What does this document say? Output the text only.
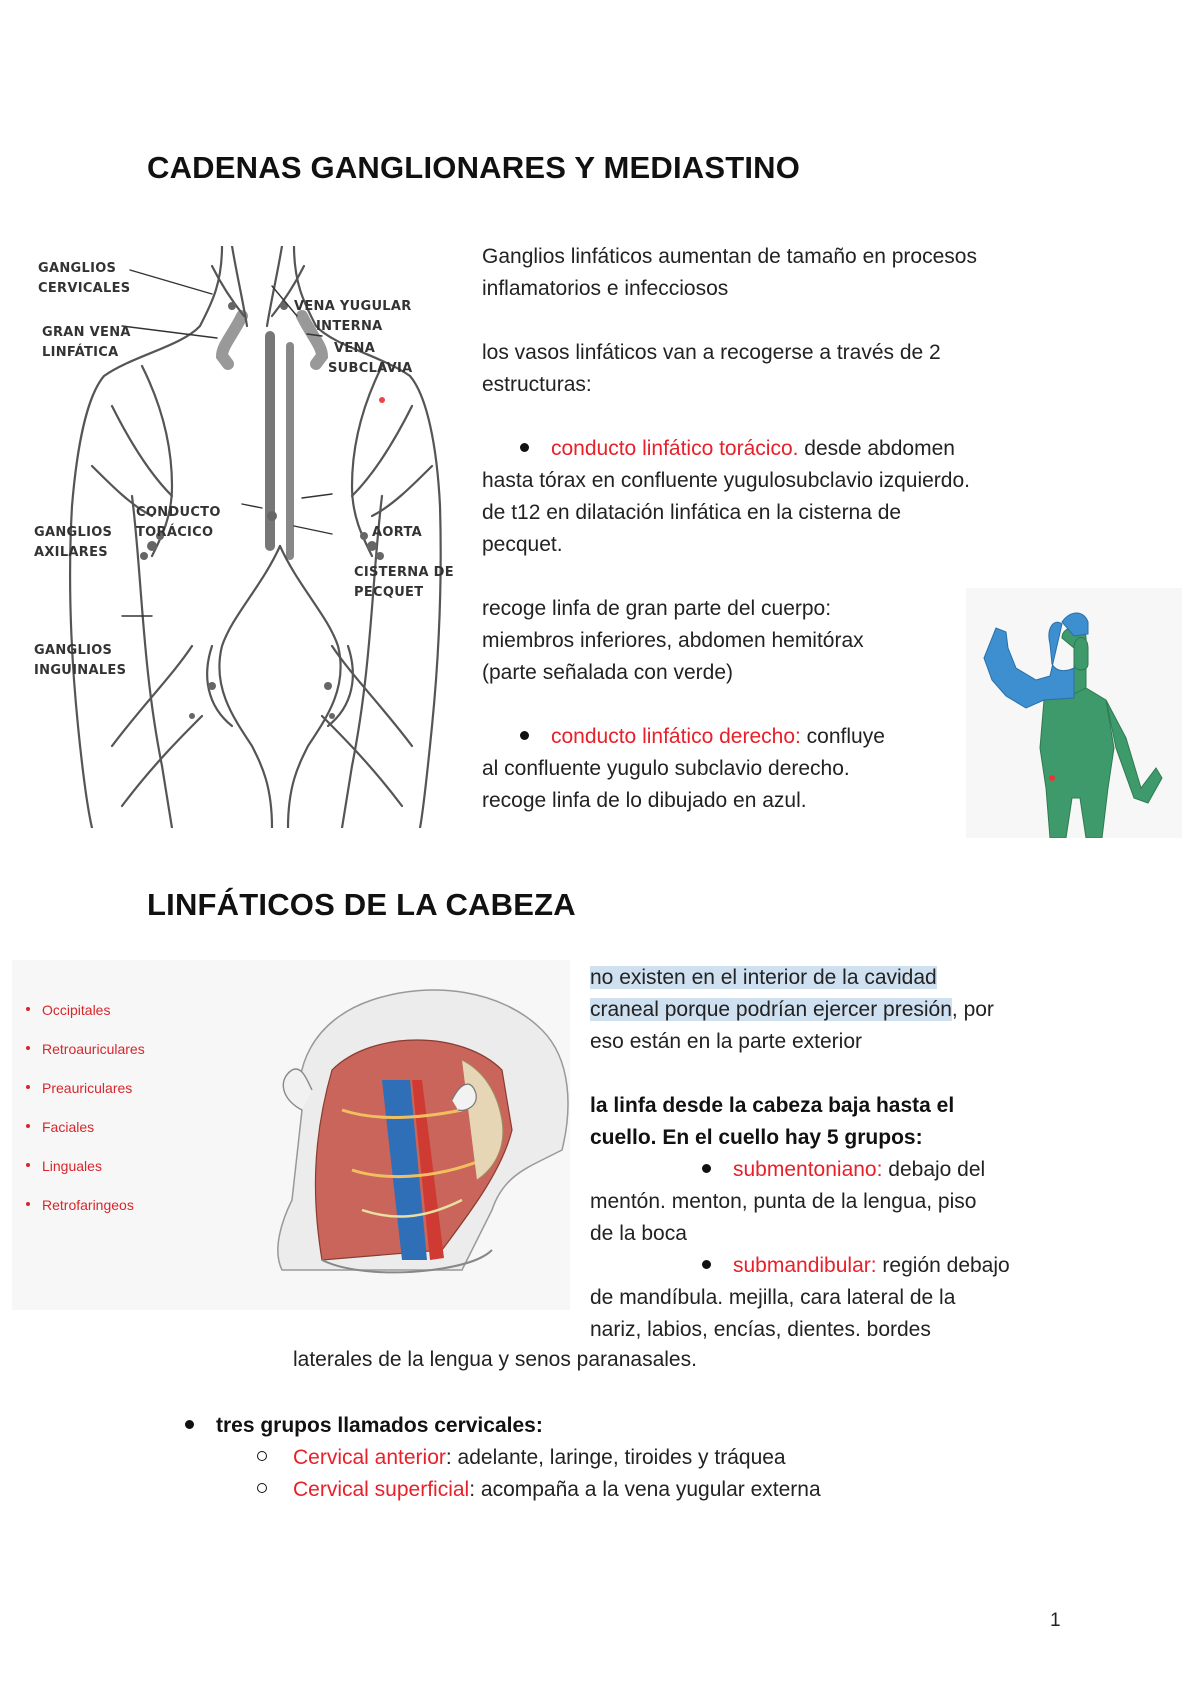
CADENAS GANGLIONARES Y MEDIASTINO
GANGLIOS
CERVICALES
GRAN VENA
LINFÁTICA
VENA YUGULAR
INTERNA
VENA
SUBCLAVIA
CONDUCTO
TORÁCICO
GANGLIOS
AXILARES
AORTA
CISTERNA DE
PECQUET
GANGLIOS
INGUINALES
Ganglios linfáticos aumentan de tamaño en procesos
inflamatorios e infecciosos
los vasos linfáticos van a recogerse a través de 2
estructuras:
conducto linfático torácico. desde abdomen
hasta tórax en confluente yugulosubclavio izquierdo.
de t12 en dilatación linfática en la cisterna de
pecquet.
recoge linfa de gran parte del cuerpo:
miembros inferiores, abdomen hemitórax
(parte señalada con verde)
conducto linfático derecho: confluye
al confluente yugulo subclavio derecho.
recoge linfa de lo dibujado en azul.
LINFÁTICOS DE LA CABEZA
Occipitales
Retroauriculares
Preauriculares
Faciales
Linguales
Retrofaringeos
no existen en el interior de la cavidad
craneal porque podrían ejercer presión, por
eso están en la parte exterior
la linfa desde la cabeza baja hasta el
cuello. En el cuello hay 5 grupos:
submentoniano: debajo del
mentón. menton, punta de la lengua, piso
de la boca
submandibular: región debajo
de mandíbula. mejilla, cara lateral de la
nariz, labios, encías, dientes. bordes
laterales de la lengua y senos paranasales.
tres grupos llamados cervicales:
Cervical anterior: adelante, laringe, tiroides y tráquea
Cervical superficial: acompaña a la vena yugular externa
1
